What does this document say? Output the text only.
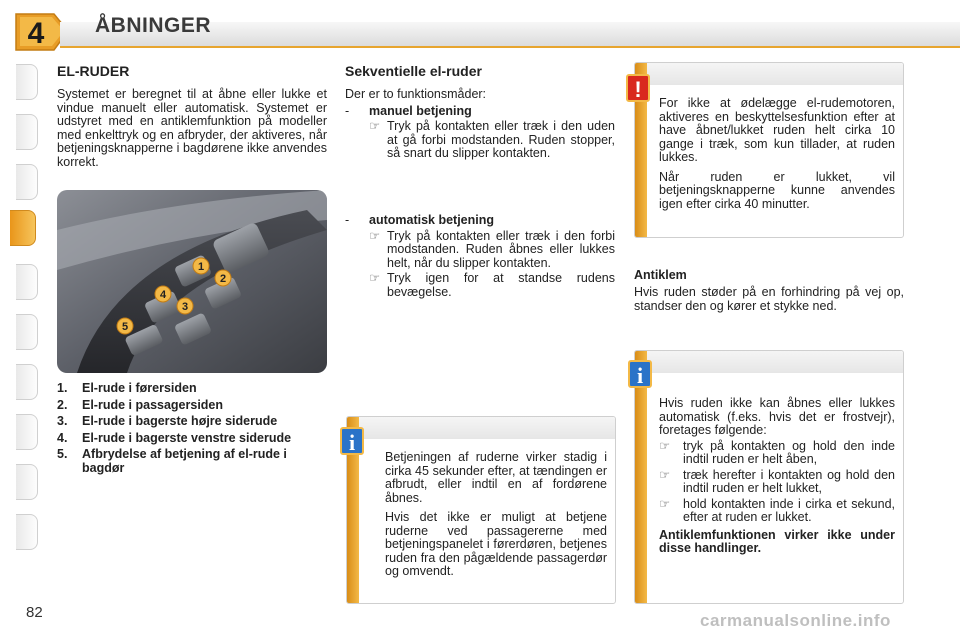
4 ÅBNINGER
EL-RUDER

Systemet er beregnet til at åbne eller lukke et vindue manuelt eller automatisk. Systemet er udstyret med en antiklemfunktion på modeller med enkelttryk og en afbryder, der aktiveres, når betjeningsknapperne i bagdørene ikke anvendes korrekt.

1
2
3
4
5
1.	El-rude i førersiden
2.	El-rude i passagersiden
3.	El-rude i bagerste højre siderude
4.	El-rude i bagerste venstre siderude
5.	Afbrydelse af betjening af el-rude i bagdør
Sekventielle el-ruder

Der er to funktionsmåder:

-	manuel betjening
☞ Tryk på kontakten eller træk i den uden at gå forbi modstanden. Ruden stopper, så snart du slipper kontakten.
-	automatisk betjening
☞ Tryk på kontakten eller træk i den forbi modstanden. Ruden åbnes eller lukkes helt, når du slipper kontakten.
☞ Tryk igen for at standse rudens bevægelse.

Betjeningen af ruderne virker stadig i cirka 45 sekunder efter, at tændingen er afbrudt, eller indtil en af fordørene åbnes.

Hvis det ikke er muligt at betjene ruderne ved passagererne med betjeningspanelet i førerdøren, betjenes ruden fra den pågældende passagerdør og omvendt.

i

For ikke at ødelægge el-rudemotoren, aktiveres en beskyttelsesfunktion efter at have åbnet/lukket ruden helt cirka 10 gange i træk, som kun tillader, at ruden lukkes.

Når ruden er lukket, vil betjeningsknapperne kunne anvendes igen efter cirka 40 minutter.

!
Antiklem

Hvis ruden støder på en forhindring på vej op, standser den og kører et stykke ned.

Hvis ruden ikke kan åbnes eller lukkes automatisk (f.eks. hvis det er frostvejr), foretages følgende:

☞	tryk på kontakten og hold den inde indtil ruden er helt åben,
☞	træk herefter i kontakten og hold den indtil ruden er helt lukket,
☞	hold kontakten inde i cirka et sekund, efter at ruden er lukket.

Antiklemfunktionen virker ikke under disse handlinger.

i
82	carmanualsonline.info
